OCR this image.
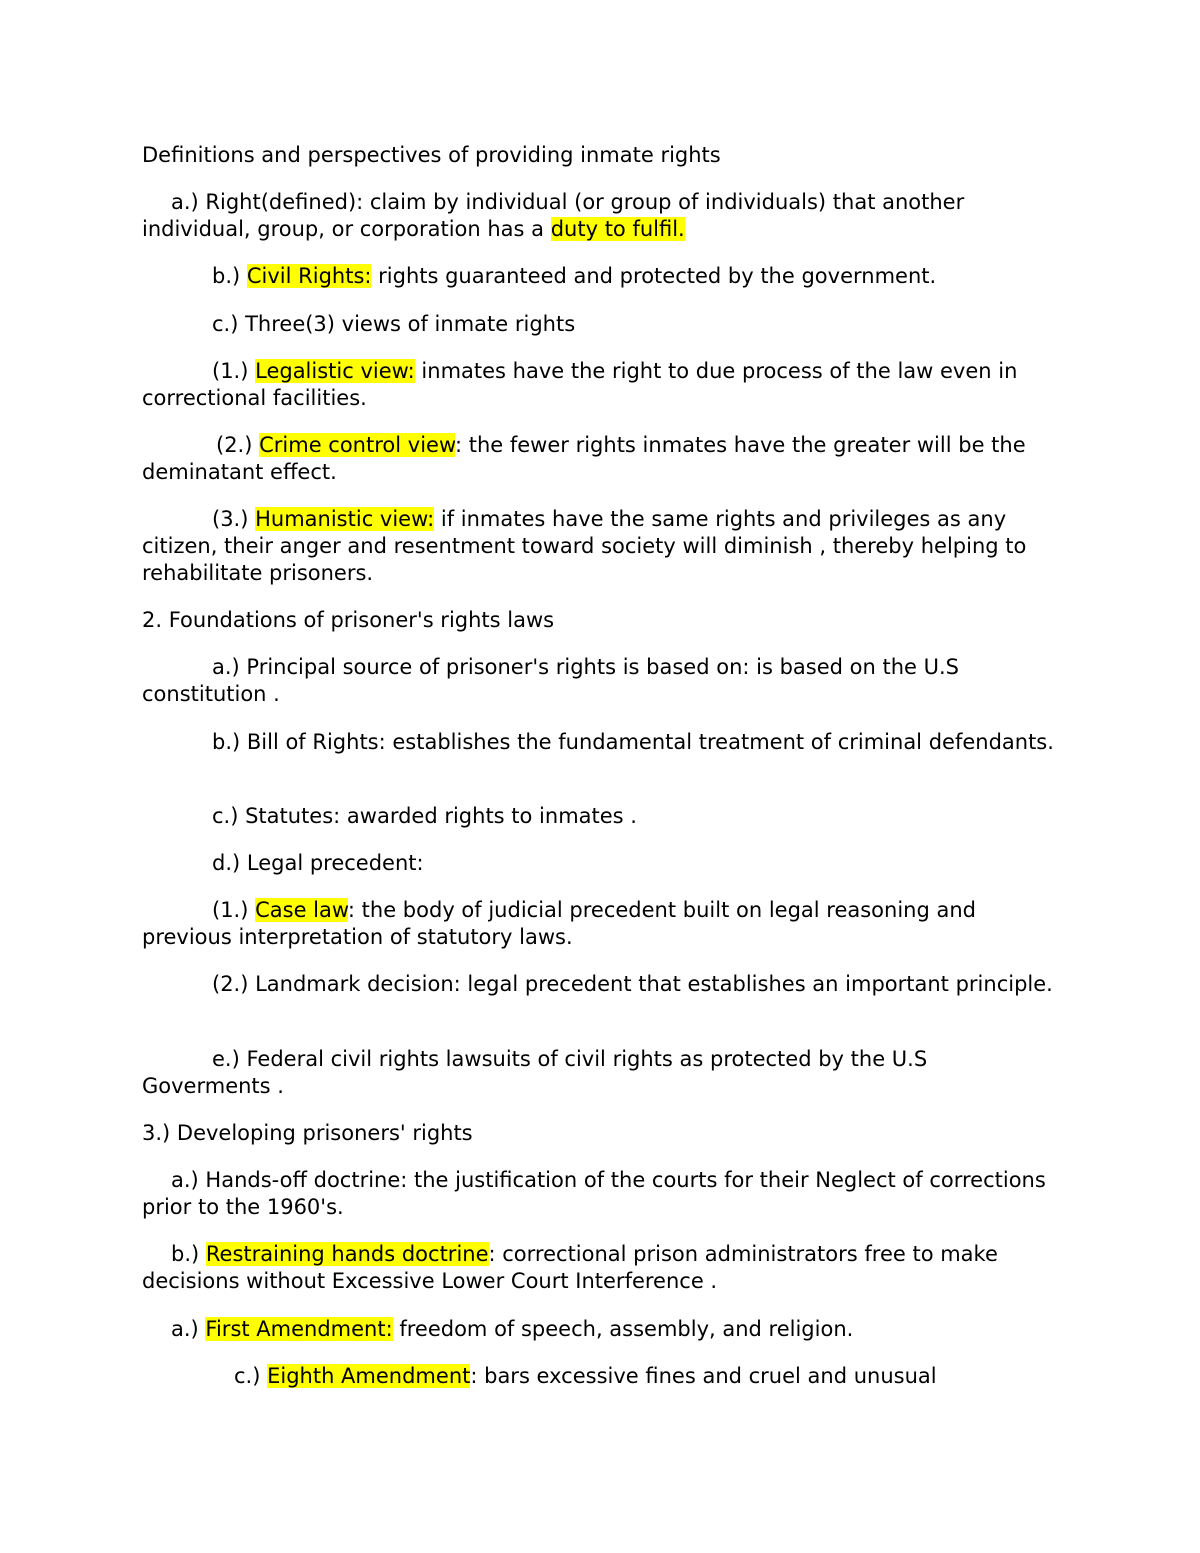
Definitions and perspectives of providing inmate rights

a.) Right(defined): claim by individual (or group of individuals) that another individual, group, or corporation has a duty to fulfil.

b.) Civil Rights: rights guaranteed and protected by the government.

c.) Three(3) views of inmate rights

(1.) Legalistic view: inmates have the right to due process of the law even in correctional facilities.

(2.) Crime control view: the fewer rights inmates have the greater will be the deminatant effect.

(3.) Humanistic view: if inmates have the same rights and privileges as any citizen, their anger and resentment toward society will diminish , thereby helping to rehabilitate prisoners.

2. Foundations of prisoner's rights laws

a.) Principal source of prisoner's rights is based on: is based on the U.S constitution .

b.) Bill of Rights: establishes the fundamental treatment of criminal defendants.

c.) Statutes: awarded rights to inmates .

d.) Legal precedent:

(1.) Case law: the body of judicial precedent built on legal reasoning and previous interpretation of statutory laws.

(2.) Landmark decision: legal precedent that establishes an important principle.

e.) Federal civil rights lawsuits of civil rights as protected by the U.S Goverments .

3.) Developing prisoners' rights

a.) Hands-off doctrine: the justification of the courts for their Neglect of corrections prior to the 1960's.

b.) Restraining hands doctrine: correctional prison administrators free to make decisions without Excessive Lower Court Interference .

a.) First Amendment: freedom of speech, assembly, and religion.

c.) Eighth Amendment: bars excessive fines and cruel and unusual
